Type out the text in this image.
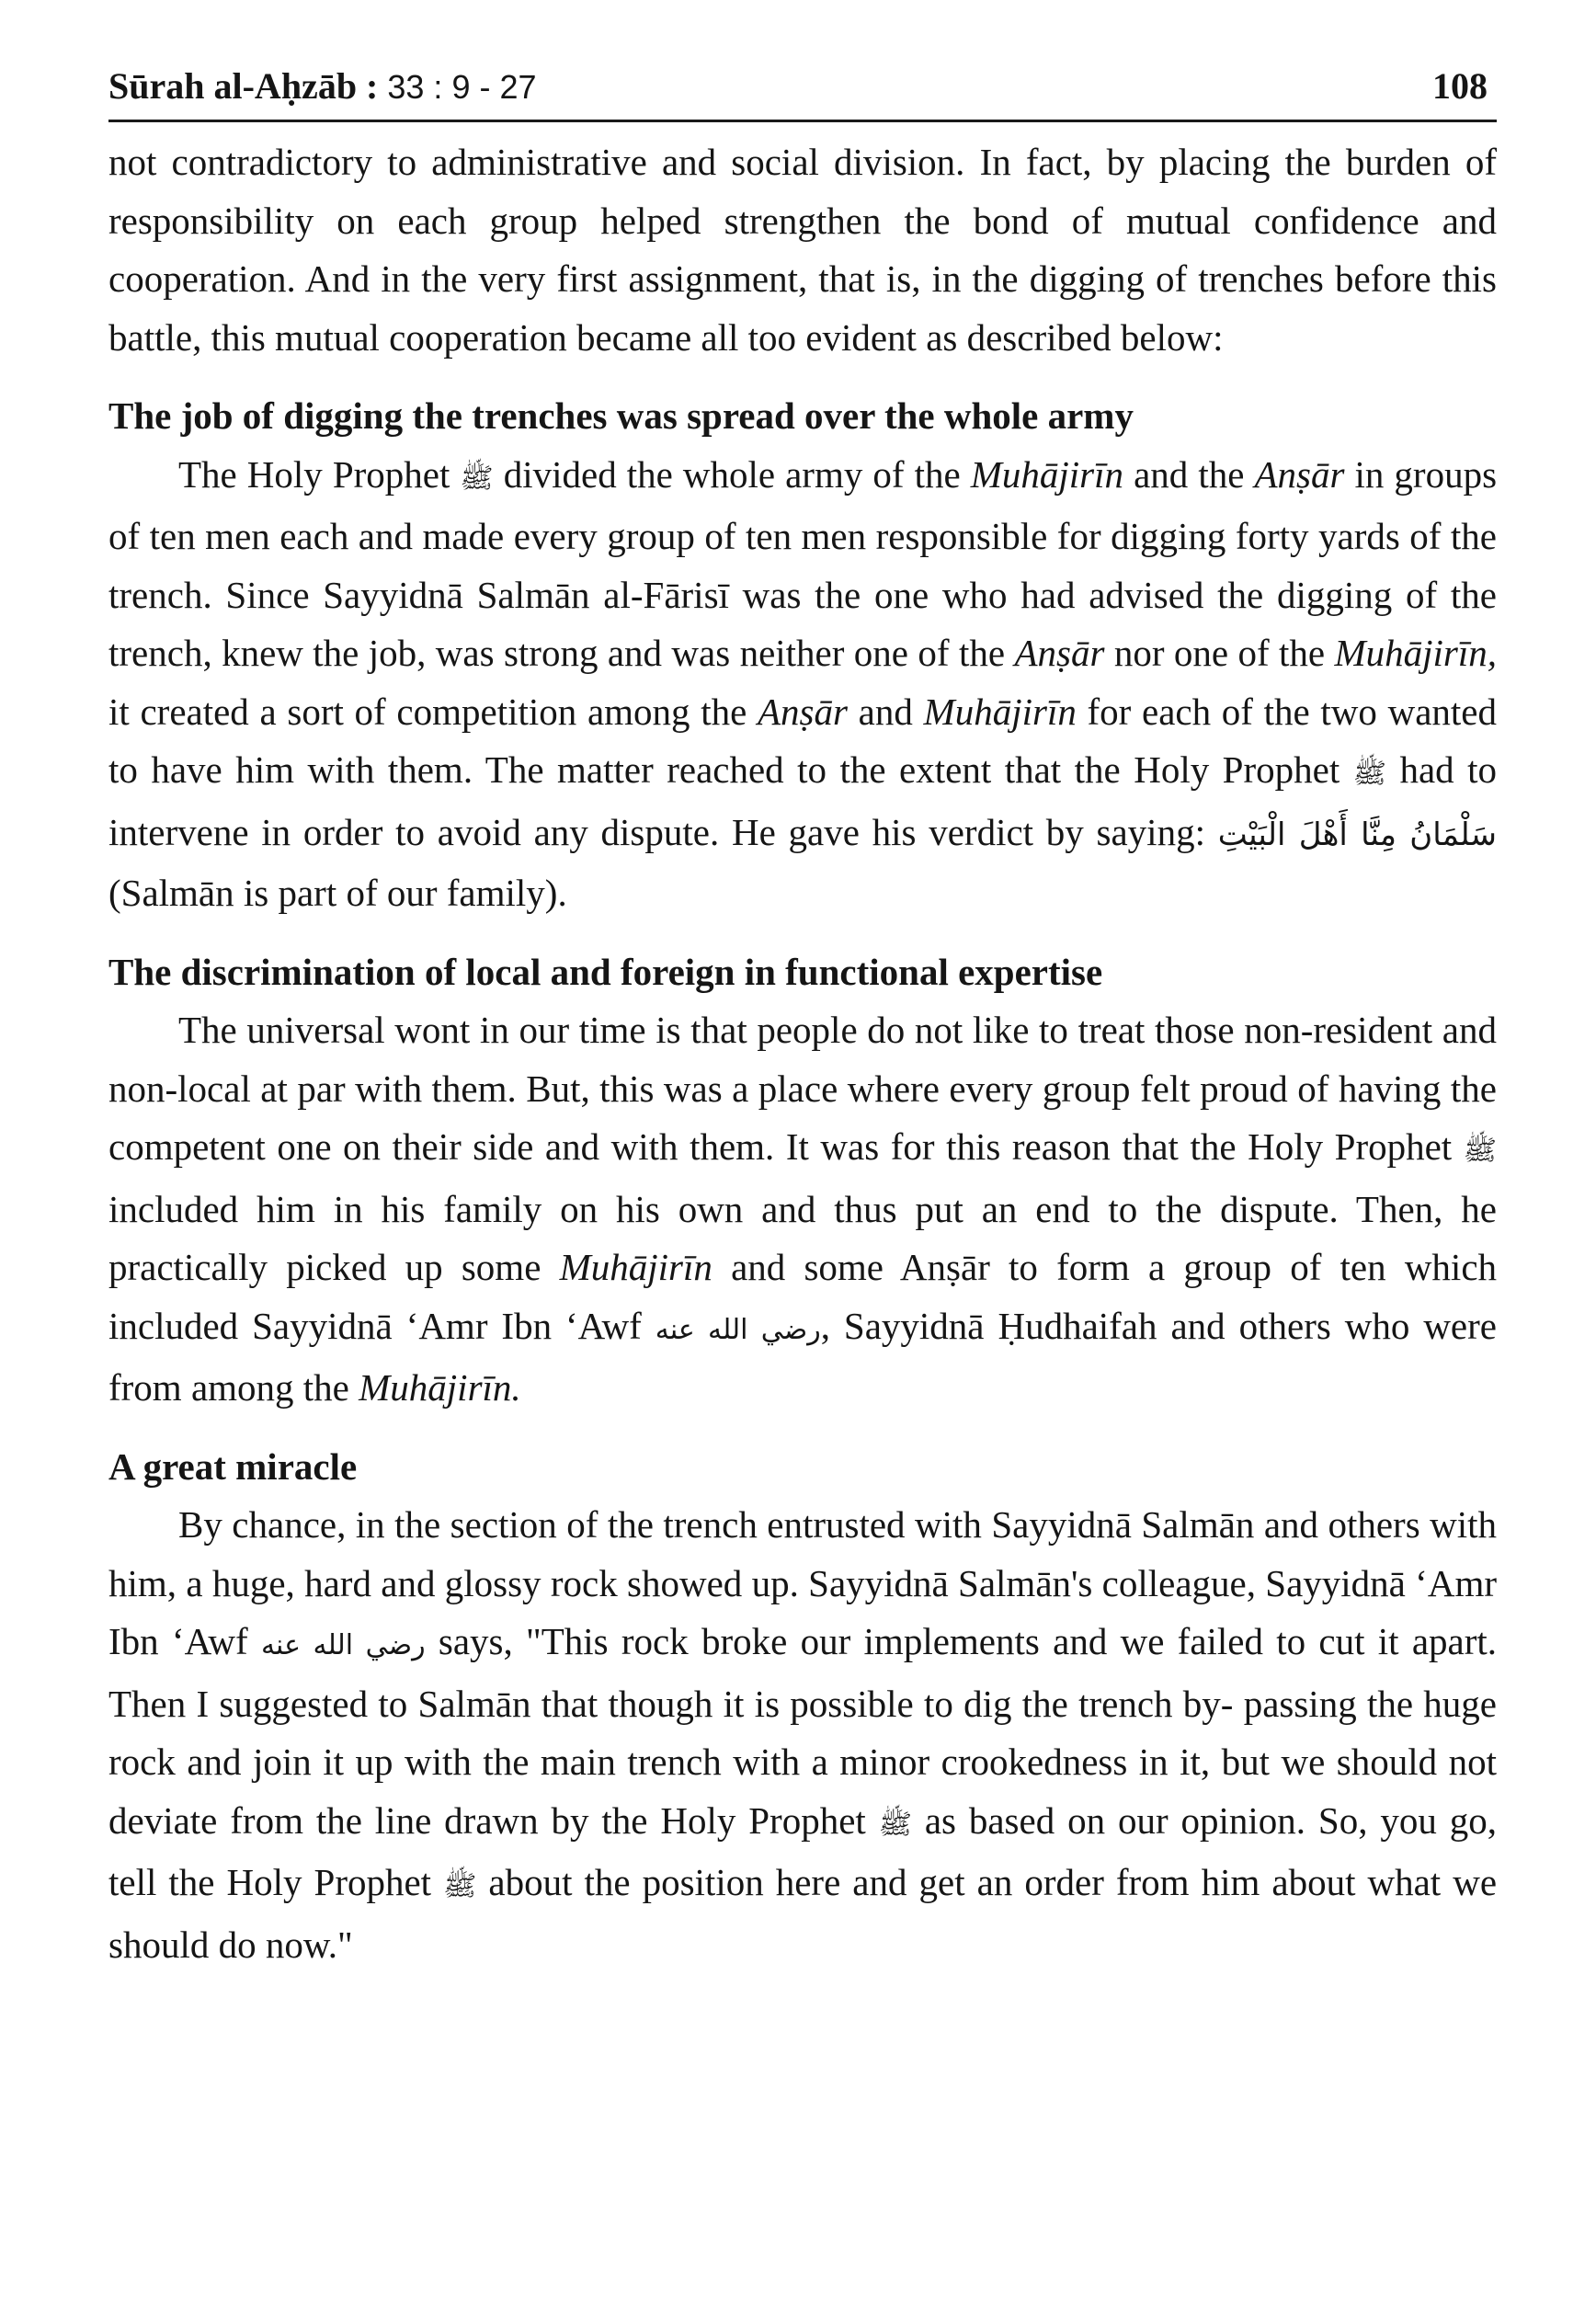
Sūrah al-Aḥzāb : 33 : 9 - 27	108

not contradictory to administrative and social division. In fact, by placing the burden of responsibility on each group helped strengthen the bond of mutual confidence and cooperation. And in the very first assignment, that is, in the digging of trenches before this battle, this mutual cooperation became all too evident as described below:

The job of digging the trenches was spread over the whole army

The Holy Prophet ﷺ divided the whole army of the Muhājirīn and the Anṣār in groups of ten men each and made every group of ten men responsible for digging forty yards of the trench. Since Sayyidnā Salmān al-Fārisī was the one who had advised the digging of the trench, knew the job, was strong and was neither one of the Anṣār nor one of the Muhājirīn, it created a sort of competition among the Anṣār and Muhājirīn for each of the two wanted to have him with them. The matter reached to the extent that the Holy Prophet ﷺ had to intervene in order to avoid any dispute. He gave his verdict by saying: سَلْمَانُ مِنَّا أَهْلَ الْبَيْتِ (Salmān is part of our family).

The discrimination of local and foreign in functional expertise

The universal wont in our time is that people do not like to treat those non-resident and non-local at par with them. But, this was a place where every group felt proud of having the competent one on their side and with them. It was for this reason that the Holy Prophet ﷺ included him in his family on his own and thus put an end to the dispute. Then, he practically picked up some Muhājirīn and some Anṣār to form a group of ten which included Sayyidnā ‘Amr Ibn ‘Awf رضي الله عنه, Sayyidnā Ḥudhaifah and others who were from among the Muhājirīn.

A great miracle

By chance, in the section of the trench entrusted with Sayyidnā Salmān and others with him, a huge, hard and glossy rock showed up. Sayyidnā Salmān's colleague, Sayyidnā ‘Amr Ibn ‘Awf رضي الله عنه says, "This rock broke our implements and we failed to cut it apart. Then I suggested to Salmān that though it is possible to dig the trench by- passing the huge rock and join it up with the main trench with a minor crookedness in it, but we should not deviate from the line drawn by the Holy Prophet ﷺ as based on our opinion. So, you go, tell the Holy Prophet ﷺ about the position here and get an order from him about what we should do now."
